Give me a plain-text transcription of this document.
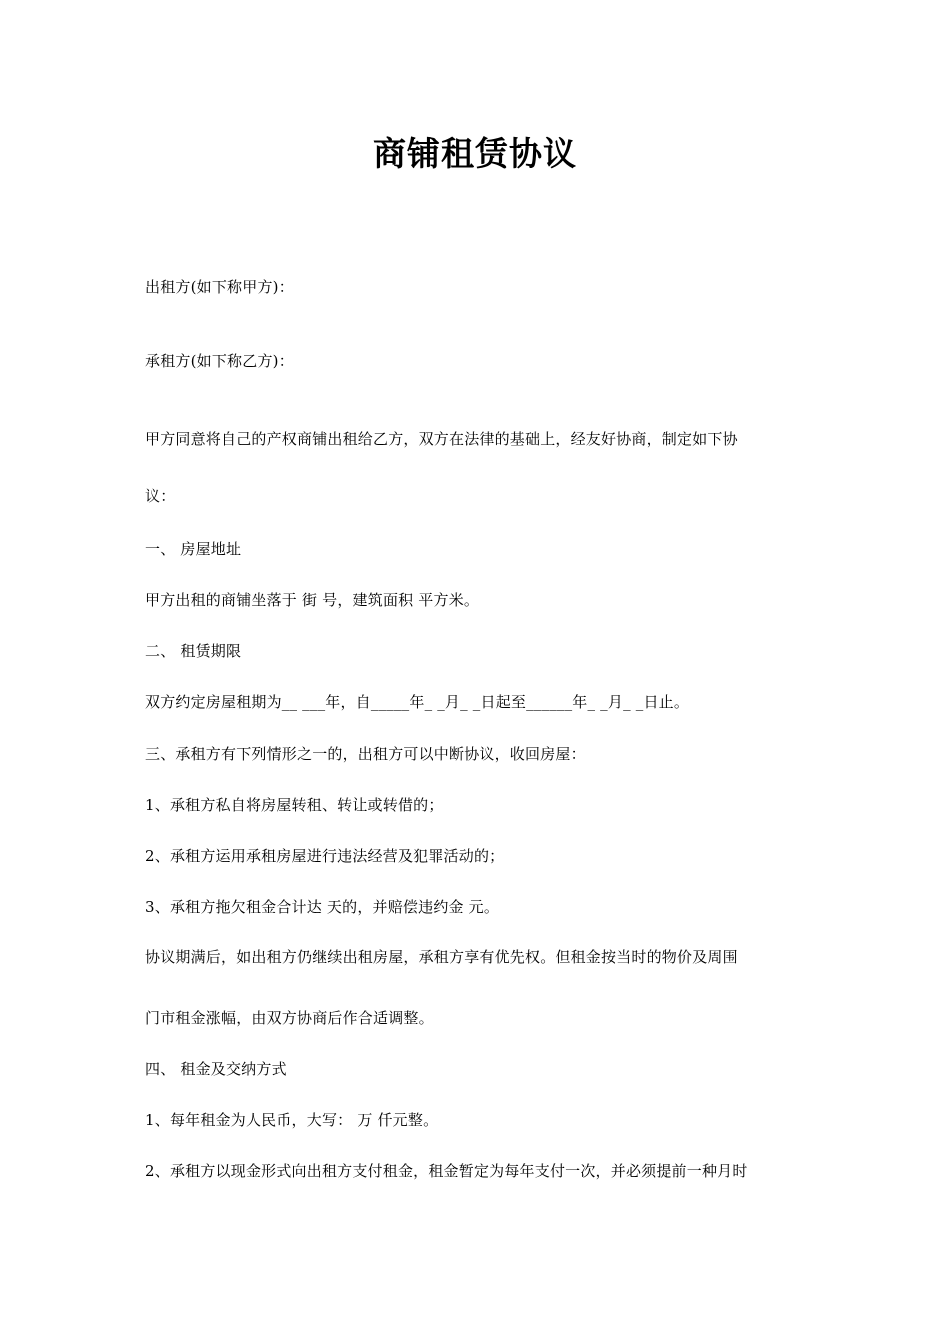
商铺租赁协议
出租方(如下称甲方)：
承租方(如下称乙方)：
甲方同意将自己的产权商铺出租给乙方，双方在法律的基础上，经友好协商，制定如下协
议：
一、 房屋地址
甲方出租的商铺坐落于 街 号，建筑面积 平方米。
二、 租赁期限
双方约定房屋租期为__ ___年，自_____年_ _月_ _日起至______年_ _月_ _日止。
三、承租方有下列情形之一的，出租方可以中断协议，收回房屋：
1、承租方私自将房屋转租、转让或转借的；
2、承租方运用承租房屋进行违法经营及犯罪活动的；
3、承租方拖欠租金合计达 天的，并赔偿违约金 元。
协议期满后，如出租方仍继续出租房屋，承租方享有优先权。但租金按当时的物价及周围
门市租金涨幅，由双方协商后作合适调整。
四、 租金及交纳方式
1、每年租金为人民币，大写： 万 仟元整。
2、承租方以现金形式向出租方支付租金，租金暂定为每年支付一次，并必须提前一种月时
